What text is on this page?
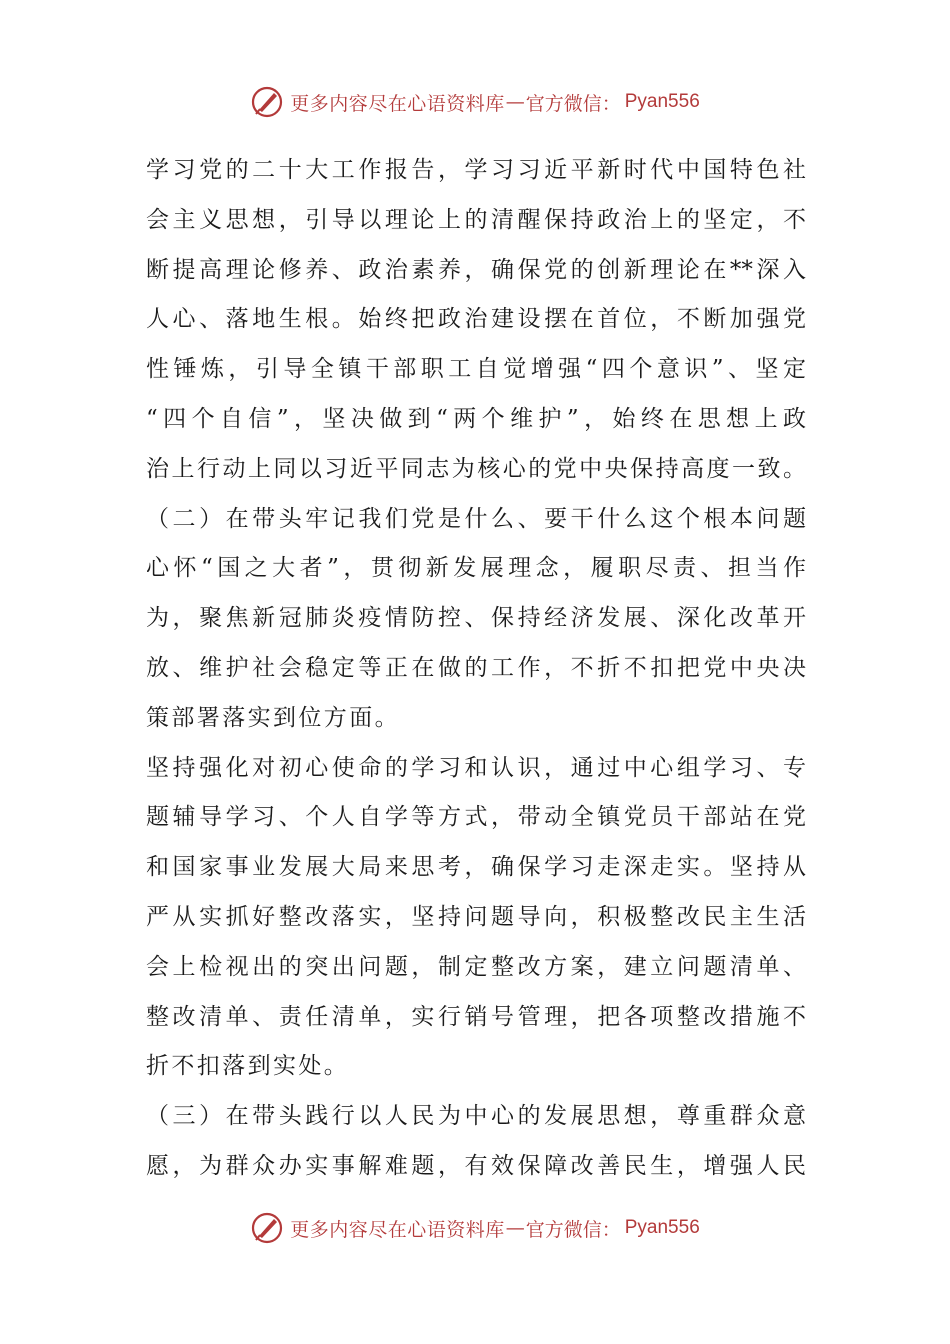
更多内容尽在心语资料库 — 官方微信： Pyan556
学习党的二十大工作报告，学习习近平新时代中国特色社
会主义思想，引导以理论上的清醒保持政治上的坚定，不
断提高理论修养、政治素养，确保党的创新理论在**深入
人心、落地生根。始终把政治建设摆在首位，不断加强党
性锤炼，引导全镇干部职工自觉增强“四个意识”、坚定
“四个自信”，坚决做到“两个维护”，始终在思想上政
治上行动上同以习近平同志为核心的党中央保持高度一致。
（二）在带头牢记我们党是什么、要干什么这个根本问题
心怀“国之大者”，贯彻新发展理念，履职尽责、担当作
为，聚焦新冠肺炎疫情防控、保持经济发展、深化改革开
放、维护社会稳定等正在做的工作，不折不扣把党中央决
策部署落实到位方面。
坚持强化对初心使命的学习和认识，通过中心组学习、专
题辅导学习、个人自学等方式，带动全镇党员干部站在党
和国家事业发展大局来思考，确保学习走深走实。坚持从
严从实抓好整改落实，坚持问题导向，积极整改民主生活
会上检视出的突出问题，制定整改方案，建立问题清单、
整改清单、责任清单，实行销号管理，把各项整改措施不
折不扣落到实处。
（三）在带头践行以人民为中心的发展思想，尊重群众意
愿，为群众办实事解难题，有效保障改善民生，增强人民
更多内容尽在心语资料库 — 官方微信： Pyan556
